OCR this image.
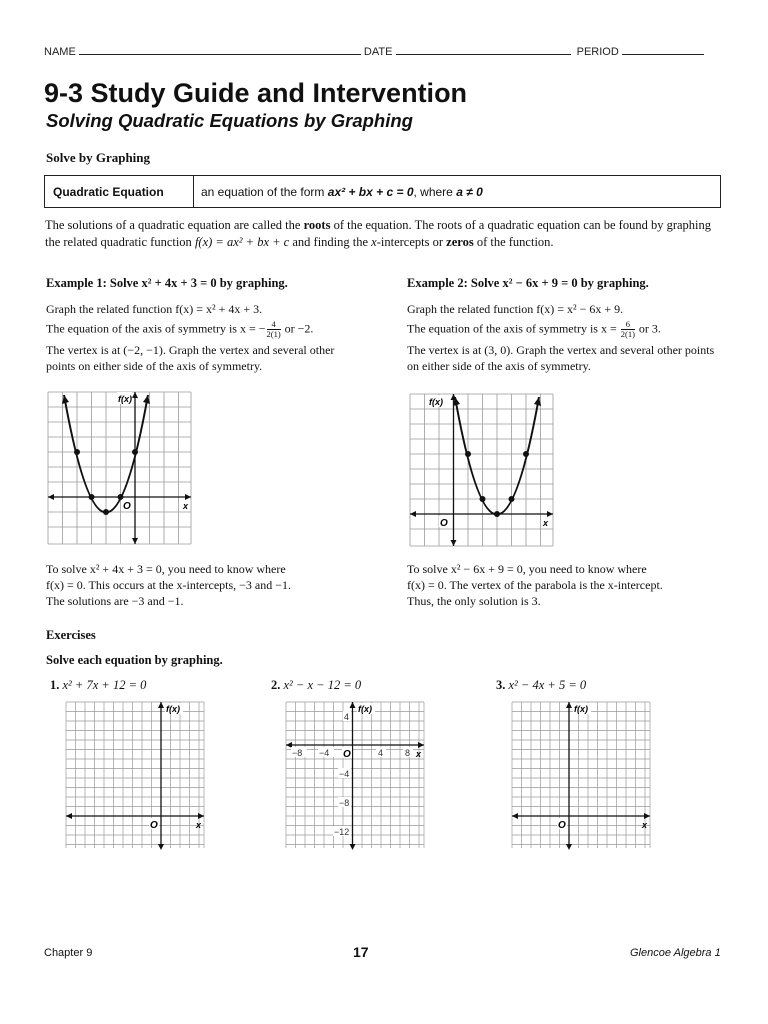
NAME	DATE	PERIOD
9-3 Study Guide and Intervention
Solving Quadratic Equations by Graphing
Solve by Graphing
Quadratic Equation	an equation of the form
ax² + bx + c = 0 , where
a ≠ 0
The solutions of a quadratic equation are called the roots of the equation. The roots of a quadratic equation can be found by graphing the related quadratic function f(x) = ax² + bx + c and finding the x-intercepts or zeros of the function.
Example 1: Solve x² + 4x + 3 = 0 by graphing.

Graph the related function f(x) = x² + 4x + 3.

The equation of the axis of symmetry is x = − $\frac{4}{2(1)}$ or −2.

The vertex is at (−2, −1). Graph the vertex and several other points on either side of the axis of symmetry.

f(x)
O	x
To solve x² + 4x + 3 = 0, you need to know where
f(x) = 0. This occurs at the x-intercepts, −3 and −1.
The solutions are −3 and −1.
Example 2: Solve x² − 6x + 9 = 0 by graphing.

Graph the related function f(x) = x² − 6x + 9.

The equation of the axis of symmetry is $x = \frac{6}{2(1)}$ or 3.

The vertex is at (3, 0). Graph the vertex and several other points on either side of the axis of symmetry.

f(x)
O	x
To solve x² − 6x + 9 = 0, you need to know where
f(x) = 0. The vertex of the parabola is the x-intercept.
Thus, the only solution is 3.
Exercises
Solve each equation by graphing.
1. x² + 7x + 12 = 0	2. x² − x − 12 = 0	3. x² − 4x + 5 = 0
f(x)
O	x
f(x)
O	x
−8 −4	4 8
4
−4
−8
−12
f(x)
O	x
Chapter 9	17	Glencoe Algebra 1
